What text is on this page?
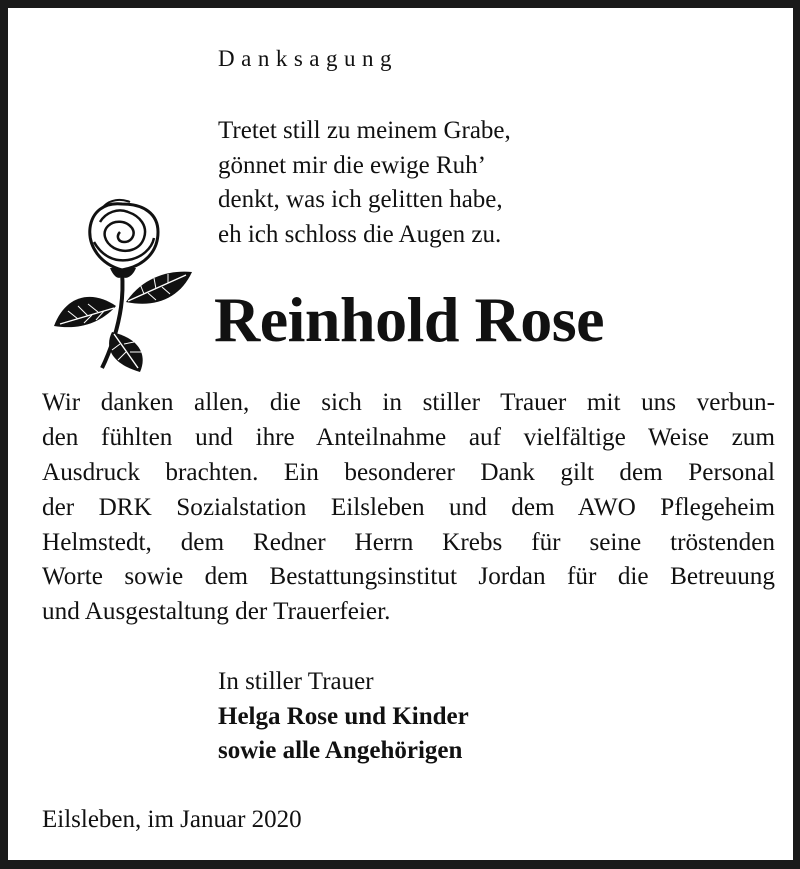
Danksagung
Tretet still zu meinem Grabe,
gönnet mir die ewige Ruh’
denkt, was ich gelitten habe,
eh ich schloss die Augen zu.
Reinhold Rose
Wir danken allen, die sich in stiller Trauer mit uns verbun-
den fühlten und ihre Anteilnahme auf vielfältige Weise zum
Ausdruck brachten. Ein besonderer Dank gilt dem Personal
der DRK Sozialstation Eilsleben und dem AWO Pflegeheim
Helmstedt, dem Redner Herrn Krebs für seine tröstenden
Worte sowie dem Bestattungsinstitut Jordan für die Betreuung
und Ausgestaltung der Trauerfeier.
In stiller Trauer
Helga Rose und Kinder
sowie alle Angehörigen
Eilsleben, im Januar 2020
